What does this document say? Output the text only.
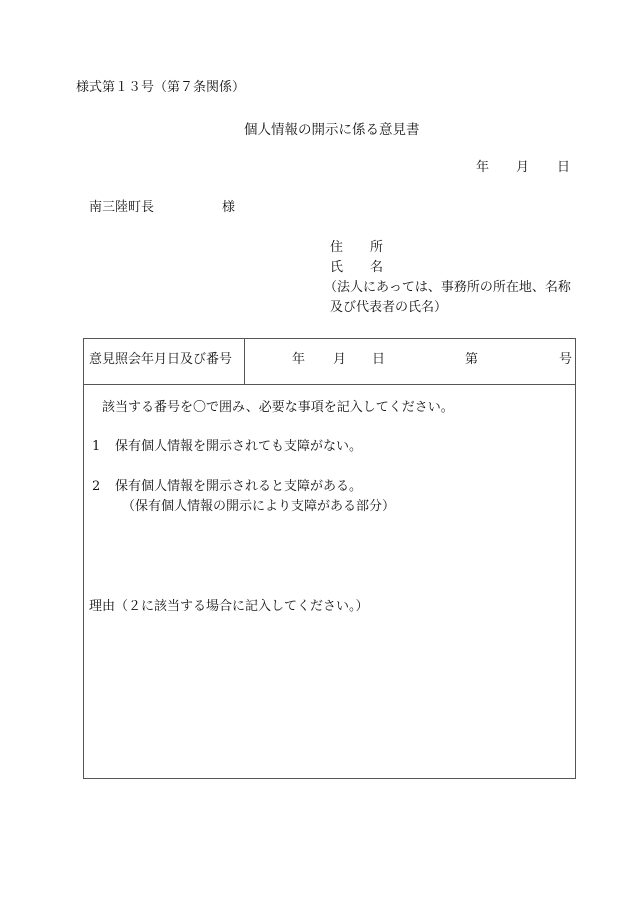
様式第１３号（第７条関係）
個人情報の開示に係る意見書
年 月 日
南三陸町長	様
住 所
氏 名
（法人にあっては、事務所の所在地、名称
及び代表者の氏名）
意見照会年月日及び番号	年 月 日	第	号
該当する番号を〇で囲み、必要な事項を記入してください。
1 保有個人情報を開示されても支障がない。
2 保有個人情報を開示されると支障がある。
（保有個人情報の開示により支障がある部分）
理由（２に該当する場合に記入してください。）
